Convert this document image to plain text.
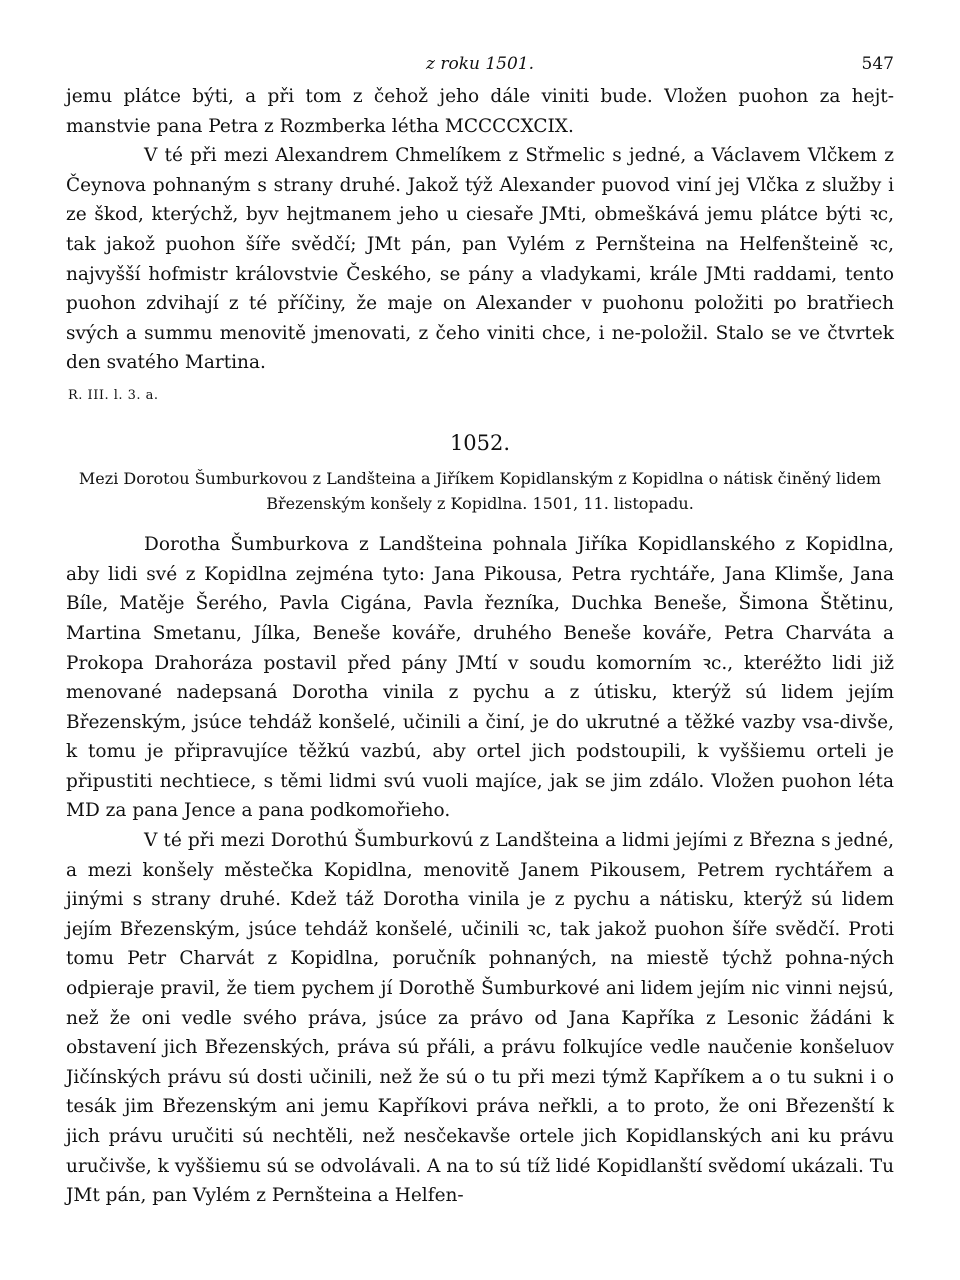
z roku 1501.	547

jemu plátce býti, a při tom z čehož jeho dále viniti bude. Vložen puohon za hejt-manstvie pana Petra z Rozmberka létha MCCCCXCIX.

V té při mezi Alexandrem Chmelíkem z Střmelic s jedné, a Václavem Vlčkem z Čeynova pohnaným s strany druhé. Jakož týž Alexander puovod viní jej Vlčka z služby i ze škod, kterýchž, byv hejtmanem jeho u ciesaře JMti, obmeškává jemu plátce býti ꝛc, tak jakož puohon šíře svědčí; JMt pán, pan Vylém z Pernšteina na Helfenšteině ꝛc, najvyšší hofmistr královstvie Českého, se pány a vladykami, krále JMti raddami, tento puohon zdvihají z té příčiny, že maje on Alexander v puohonu položiti po bratřiech svých a summu menovitě jmenovati, z čeho viniti chce, i ne-položil. Stalo se ve čtvrtek den svatého Martina.

R. III. l. 3. a.
1052.
Mezi Dorotou Šumburkovou z Landšteina a Jiříkem Kopidlanským z Kopidlna o nátisk činěný lidem Březenským konšely z Kopidlna. 1501, 11. listopadu.

Dorotha Šumburkova z Landšteina pohnala Jiříka Kopidlanského z Kopidlna, aby lidi své z Kopidlna zejména tyto: Jana Pikousa, Petra rychtáře, Jana Klimše, Jana Bíle, Matěje Šerého, Pavla Cigána, Pavla řezníka, Duchka Beneše, Šimona Štětinu, Martina Smetanu, Jílka, Beneše kováře, druhého Beneše kováře, Petra Charváta a Prokopa Drahoráza postavil před pány JMtí v soudu komorním ꝛc., kteréžto lidi již menované nadepsaná Dorotha vinila z pychu a z útisku, kterýž sú lidem jejím Březenským, jsúce tehdáž konšelé, učinili a činí, je do ukrutné a těžké vazby vsa-divše, k tomu je připravujíce těžkú vazbú, aby ortel jich podstoupili, k vyššiemu orteli je připustiti nechtiece, s těmi lidmi svú vuoli majíce, jak se jim zdálo. Vložen puohon léta MD za pana Jence a pana podkomořieho.

V té při mezi Dorothú Šumburkovú z Landšteina a lidmi jejími z Března s jedné, a mezi konšely městečka Kopidlna, menovitě Janem Pikousem, Petrem rychtářem a jinými s strany druhé. Kdež táž Dorotha vinila je z pychu a nátisku, kterýž sú lidem jejím Březenským, jsúce tehdáž konšelé, učinili ꝛc, tak jakož puohon šíře svědčí. Proti tomu Petr Charvát z Kopidlna, poručník pohnaných, na miestě týchž pohna-ných odpieraje pravil, že tiem pychem jí Dorothě Šumburkové ani lidem jejím nic vinni nejsú, než že oni vedle svého práva, jsúce za právo od Jana Kapříka z Lesonic žádáni k obstavení jich Březenských, práva sú přáli, a právu folkujíce vedle naučenie konšeluov Jičínských právu sú dosti učinili, než že sú o tu při mezi týmž Kapříkem a o tu sukni i o tesák jim Březenským ani jemu Kapříkovi práva neřkli, a to proto, že oni Březenští k jich právu uručiti sú nechtěli, než nesčekavše ortele jich Kopidlanských ani ku právu uručivše, k vyššiemu sú se odvolávali. A na to sú tíž lidé Kopidlanští svědomí ukázali. Tu JMt pán, pan Vylém z Pernšteina a Helfen-
